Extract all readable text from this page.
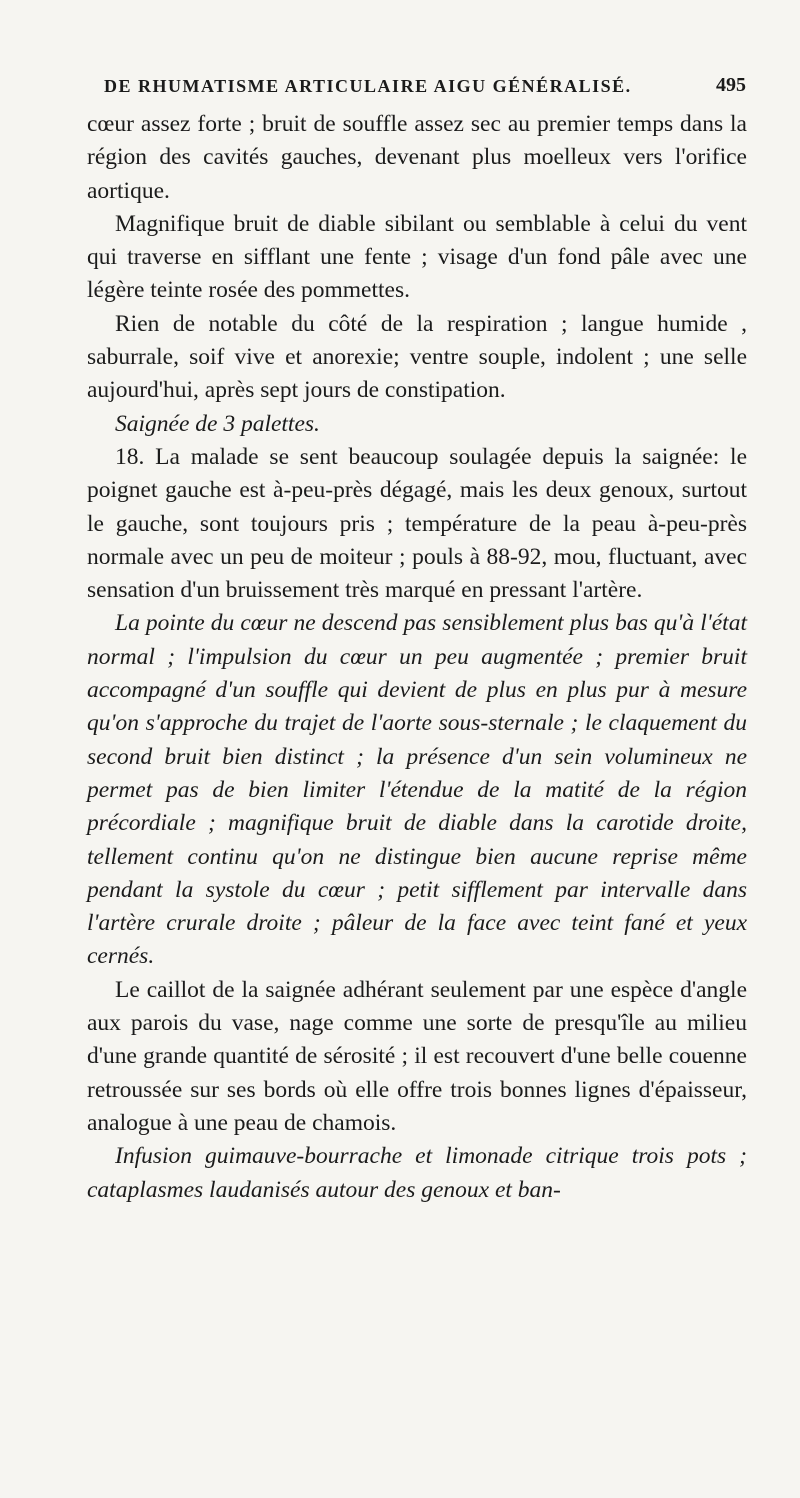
DE RHUMATISME ARTICULAIRE AIGU GÉNÉRALISÉ.	495

cœur assez forte ; bruit de souffle assez sec au premier temps dans la région des cavités gauches, devenant plus moelleux vers l'orifice aortique.

Magnifique bruit de diable sibilant ou semblable à celui du vent qui traverse en sifflant une fente ; visage d'un fond pâle avec une légère teinte rosée des pommettes.

Rien de notable du côté de la respiration ; langue humide , saburrale, soif vive et anorexie; ventre souple, indolent ; une selle aujourd'hui, après sept jours de constipation.

Saignée de 3 palettes.

18. La malade se sent beaucoup soulagée depuis la saignée: le poignet gauche est à-peu-près dégagé, mais les deux genoux, surtout le gauche, sont toujours pris ; température de la peau à-peu-près normale avec un peu de moiteur ; pouls à 88-92, mou, fluctuant, avec sensation d'un bruissement très marqué en pressant l'artère.

La pointe du cœur ne descend pas sensiblement plus bas qu'à l'état normal ; l'impulsion du cœur un peu augmentée ; premier bruit accompagné d'un souffle qui devient de plus en plus pur à mesure qu'on s'approche du trajet de l'aorte sous-sternale ; le claquement du second bruit bien distinct ; la présence d'un sein volumineux ne permet pas de bien limiter l'étendue de la matité de la région précordiale ; magnifique bruit de diable dans la carotide droite, tellement continu qu'on ne distingue bien aucune reprise même pendant la systole du cœur ; petit sifflement par intervalle dans l'artère crurale droite ; pâleur de la face avec teint fané et yeux cernés.

Le caillot de la saignée adhérant seulement par une espèce d'angle aux parois du vase, nage comme une sorte de presqu'île au milieu d'une grande quantité de sérosité ; il est recouvert d'une belle couenne retroussée sur ses bords où elle offre trois bonnes lignes d'épaisseur, analogue à une peau de chamois.

Infusion guimauve-bourrache et limonade citrique trois pots ; cataplasmes laudanisés autour des genoux et ban-
